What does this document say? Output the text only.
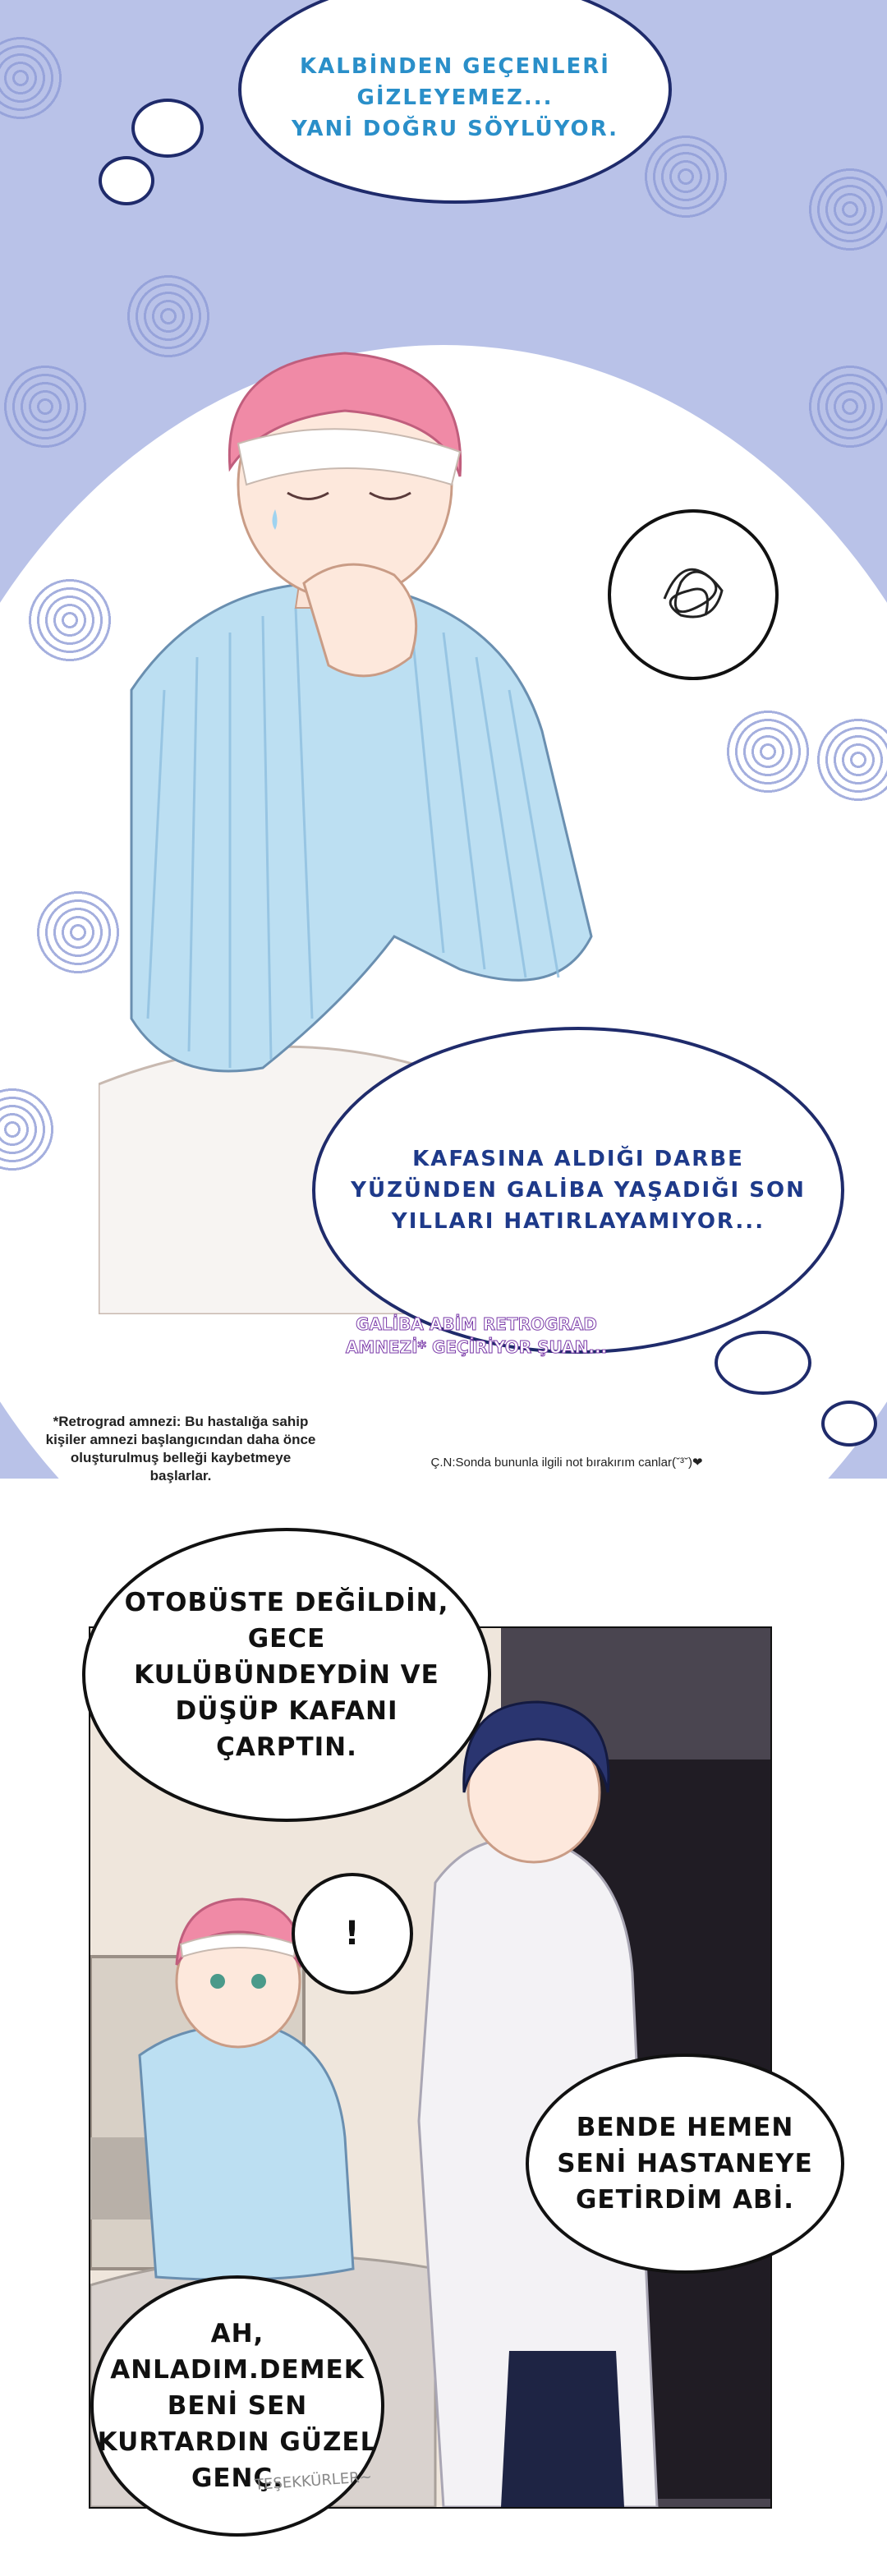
KALBİNDEN GEÇENLERİ
GİZLEYEMEZ...
YANİ DOĞRU SÖYLÜYOR.
KAFASINA ALDIĞI DARBE
YÜZÜNDEN GALİBA YAŞADIĞI SON
YILLARI HATIRLAYAMIYOR...
GALİBA ABİM RETROGRAD
AMNEZİ* GEÇİRİYOR ŞUAN...
*Retrograd amnezi: Bu hastalığa sahip
kişiler amnezi başlangıcından daha önce
oluşturulmuş belleği kaybetmeye
başlarlar.
Ç.N:Sonda bununla ilgili not bırakırım canlar(ˇ³ˇ)❤
OTOBÜSTE DEĞİLDİN,
GECE
KULÜBÜNDEYDİN VE
DÜŞÜP KAFANI
ÇARPTIN.
!
BENDE HEMEN
SENİ HASTANEYE
GETİRDİM ABİ.
AH,
ANLADIM.DEMEK
BENİ SEN
KURTARDIN GÜZEL
GENÇ.
TEŞEKKÜRLER~
